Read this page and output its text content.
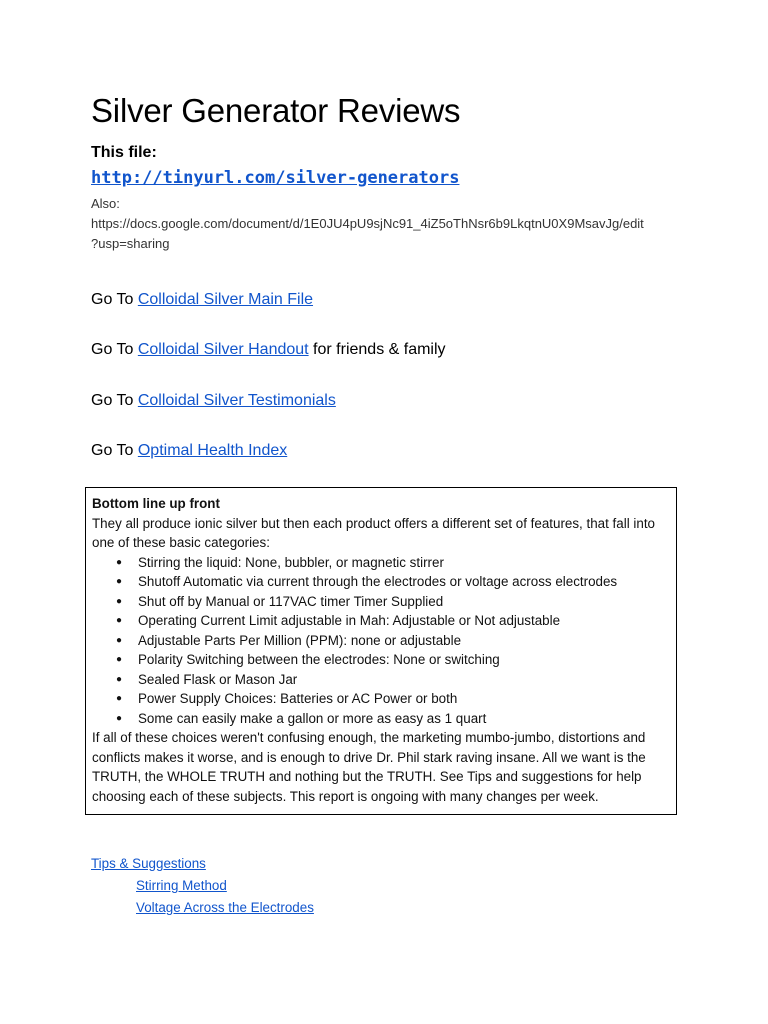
Silver Generator Reviews
This file:
http://tinyurl.com/silver-generators
Also:
https://docs.google.com/document/d/1E0JU4pU9sjNc91_4iZ5oThNsr6b9LkqtnU0X9MsavJg/edit
?usp=sharing
Go To Colloidal Silver Main File
Go To Colloidal Silver Handout for friends & family
Go To Colloidal Silver Testimonials
Go To Optimal Health Index
Bottom line up front
They all produce ionic silver but then each product offers a different set of features, that fall into one of these basic categories:
● Stirring the liquid: None, bubbler, or magnetic stirrer
● Shutoff Automatic via current through the electrodes or voltage across electrodes
● Shut off by Manual or 117VAC timer Timer Supplied
● Operating Current Limit adjustable in Mah: Adjustable or Not adjustable
● Adjustable Parts Per Million (PPM): none or adjustable
● Polarity Switching between the electrodes: None or switching
● Sealed Flask or Mason Jar
● Power Supply Choices: Batteries or AC Power or both
● Some can easily make a gallon or more as easy as 1 quart
If all of these choices weren't confusing enough, the marketing mumbo-jumbo, distortions and conflicts makes it worse, and is enough to drive Dr. Phil stark raving insane. All we want is the TRUTH, the WHOLE TRUTH and nothing but the TRUTH. See Tips and suggestions for help choosing each of these subjects. This report is ongoing with many changes per week.
Tips & Suggestions
Stirring Method
Voltage Across the Electrodes
